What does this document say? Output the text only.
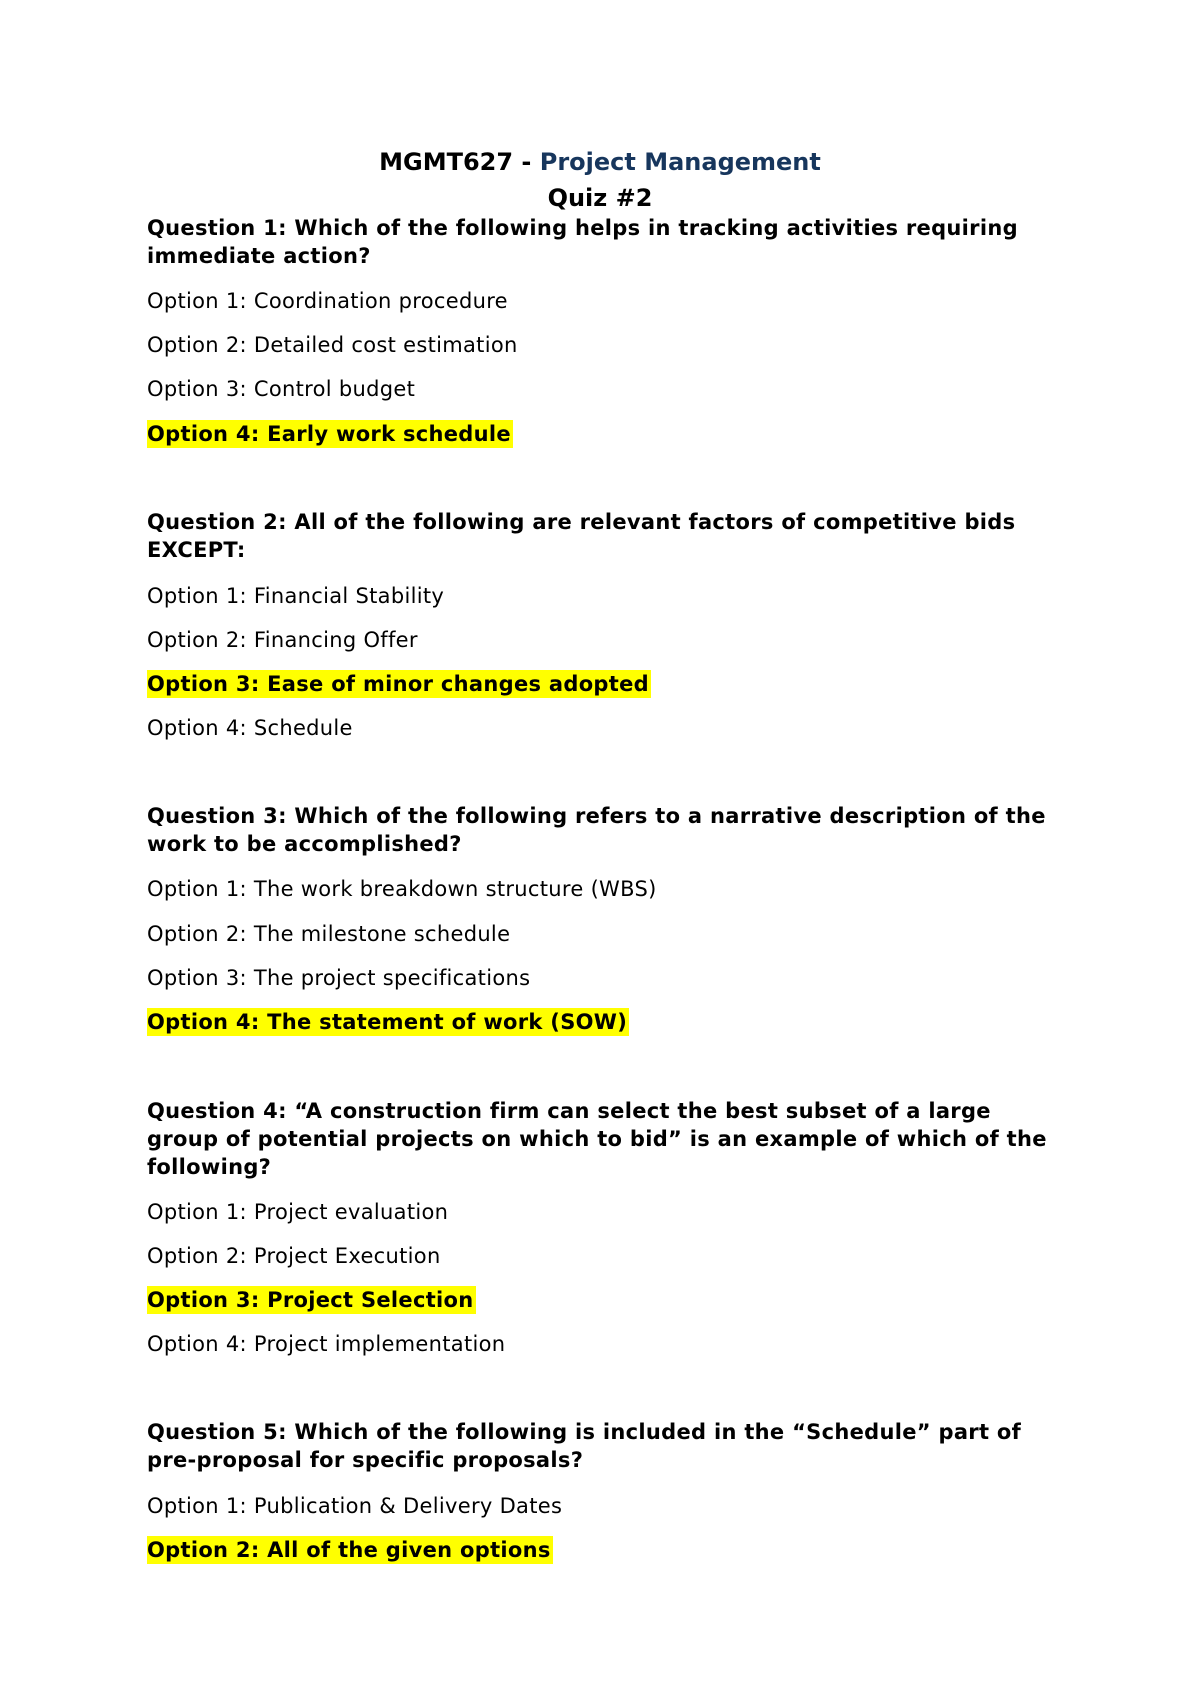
MGMT627 - Project Management
Quiz #2
Question 1: Which of the following helps in tracking activities requiring immediate action?
Option 1: Coordination procedure
Option 2: Detailed cost estimation
Option 3: Control budget
Option 4: Early work schedule
Question 2: All of the following are relevant factors of competitive bids EXCEPT:
Option 1: Financial Stability
Option 2: Financing Offer
Option 3: Ease of minor changes adopted
Option 4: Schedule
Question 3: Which of the following refers to a narrative description of the work to be accomplished?
Option 1: The work breakdown structure (WBS)
Option 2: The milestone schedule
Option 3: The project specifications
Option 4: The statement of work (SOW)
Question 4: “A construction firm can select the best subset of a large group of potential projects on which to bid” is an example of which of the following?
Option 1: Project evaluation
Option 2: Project Execution
Option 3: Project Selection
Option 4: Project implementation
Question 5: Which of the following is included in the “Schedule” part of pre-proposal for specific proposals?
Option 1: Publication & Delivery Dates
Option 2: All of the given options
